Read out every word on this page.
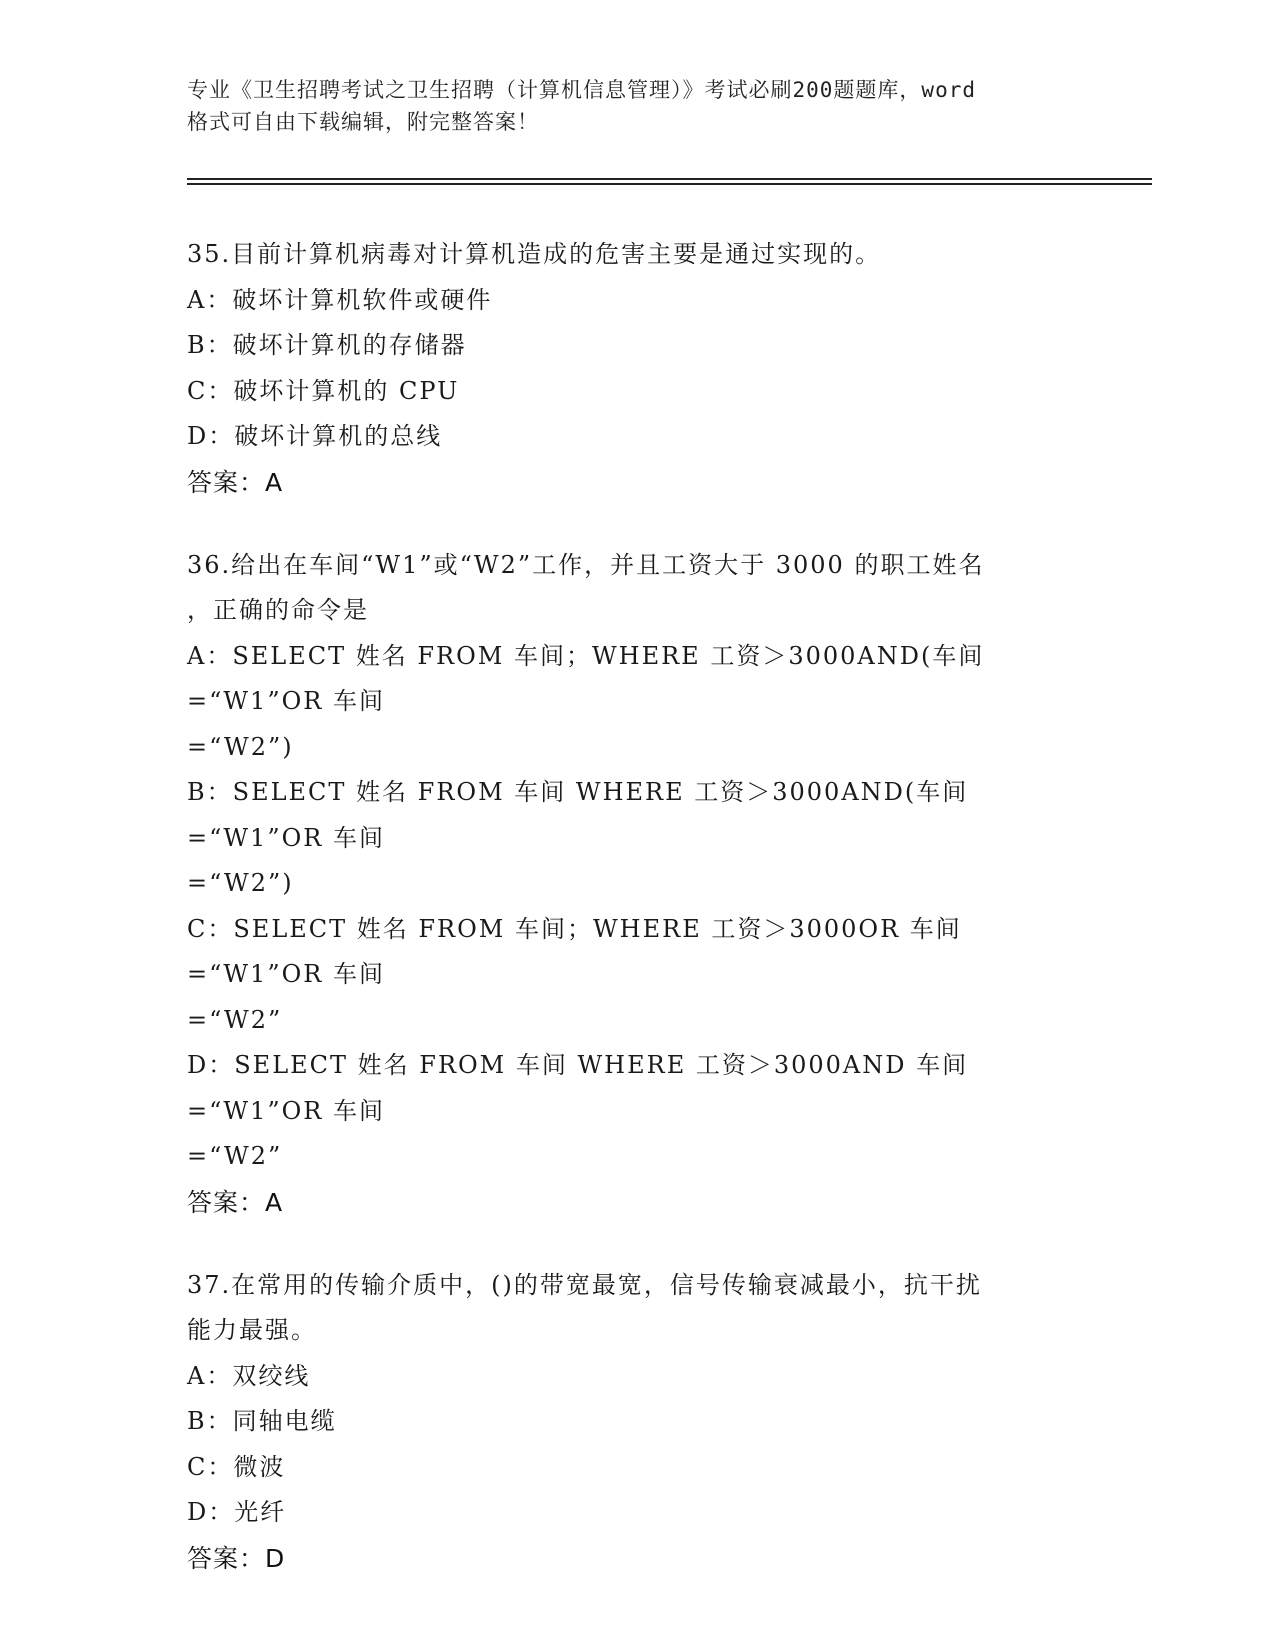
专业《卫生招聘考试之卫生招聘（计算机信息管理）》考试必刷200题题库，word
格式可自由下载编辑，附完整答案！
35.目前计算机病毒对计算机造成的危害主要是通过实现的。
A：破坏计算机软件或硬件
B：破坏计算机的存储器
C：破坏计算机的 CPU
D：破坏计算机的总线
答案：A
36.给出在车间“W1”或“W2”工作，并且工资大于 3000 的职工姓名
，正确的命令是
A：SELECT 姓名 FROM 车间；WHERE 工资＞3000AND(车间=“W1”OR 车间
=“W2”)
B：SELECT 姓名 FROM 车间 WHERE 工资＞3000AND(车间=“W1”OR 车间
=“W2”)
C：SELECT 姓名 FROM 车间；WHERE 工资＞3000OR 车间=“W1”OR 车间
=“W2”
D：SELECT 姓名 FROM 车间 WHERE 工资＞3000AND 车间=“W1”OR 车间
=“W2”
答案：A
37.在常用的传输介质中，()的带宽最宽，信号传输衰减最小，抗干扰
能力最强。
A：双绞线
B：同轴电缆
C：微波
D：光纤
答案：D
